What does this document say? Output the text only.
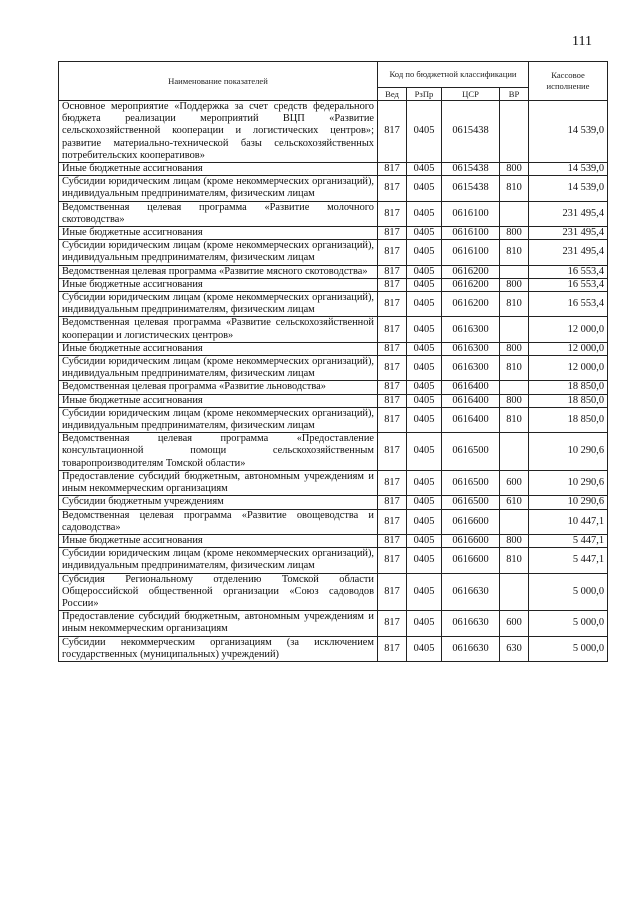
111
Наименование показателей	Код по бюджетной классификации				Кассовое исполнение
	Вед	РзПр	ЦСР	ВР	
Основное мероприятие «Поддержка за счет средств федерального бюджета реализации мероприятий ВЦП «Развитие сельскохозяйственной кооперации и логистических центров»; развитие материально-технической базы сельскохозяйственных потребительских кооперативов»	817	0405	0615438		14 539,0
Иные бюджетные ассигнования	817	0405	0615438	800	14 539,0
Субсидии юридическим лицам (кроме некоммерческих организаций), индивидуальным предпринимателям, физическим лицам	817	0405	0615438	810	14 539,0
Ведомственная целевая программа «Развитие молочного скотоводства»	817	0405	0616100		231 495,4
Иные бюджетные ассигнования	817	0405	0616100	800	231 495,4
Субсидии юридическим лицам (кроме некоммерческих организаций), индивидуальным предпринимателям, физическим лицам	817	0405	0616100	810	231 495,4
Ведомственная целевая программа «Развитие мясного скотоводства»	817	0405	0616200		16 553,4
Иные бюджетные ассигнования	817	0405	0616200	800	16 553,4
Субсидии юридическим лицам (кроме некоммерческих организаций), индивидуальным предпринимателям, физическим лицам	817	0405	0616200	810	16 553,4
Ведомственная целевая программа «Развитие сельскохозяйственной кооперации и логистических центров»	817	0405	0616300		12 000,0
Иные бюджетные ассигнования	817	0405	0616300	800	12 000,0
Субсидии юридическим лицам (кроме некоммерческих организаций), индивидуальным предпринимателям, физическим лицам	817	0405	0616300	810	12 000,0
Ведомственная целевая программа «Развитие льноводства»	817	0405	0616400		18 850,0
Иные бюджетные ассигнования	817	0405	0616400	800	18 850,0
Субсидии юридическим лицам (кроме некоммерческих организаций), индивидуальным предпринимателям, физическим лицам	817	0405	0616400	810	18 850,0
Ведомственная целевая программа «Предоставление консультационной помощи сельскохозяйственным товаропроизводителям Томской области»	817	0405	0616500		10 290,6
Предоставление субсидий бюджетным, автономным учреждениям и иным некоммерческим организациям	817	0405	0616500	600	10 290,6
Субсидии бюджетным учреждениям	817	0405	0616500	610	10 290,6
Ведомственная целевая программа «Развитие овощеводства и садоводства»	817	0405	0616600		10 447,1
Иные бюджетные ассигнования	817	0405	0616600	800	5 447,1
Субсидии юридическим лицам (кроме некоммерческих организаций), индивидуальным предпринимателям, физическим лицам	817	0405	0616600	810	5 447,1
Субсидия Региональному отделению Томской области Общероссийской общественной организации «Союз садоводов России»	817	0405	0616630		5 000,0
Предоставление субсидий бюджетным, автономным учреждениям и иным некоммерческим организациям	817	0405	0616630	600	5 000,0
Субсидии некоммерческим организациям (за исключением государственных (муниципальных) учреждений)	817	0405	0616630	630	5 000,0
